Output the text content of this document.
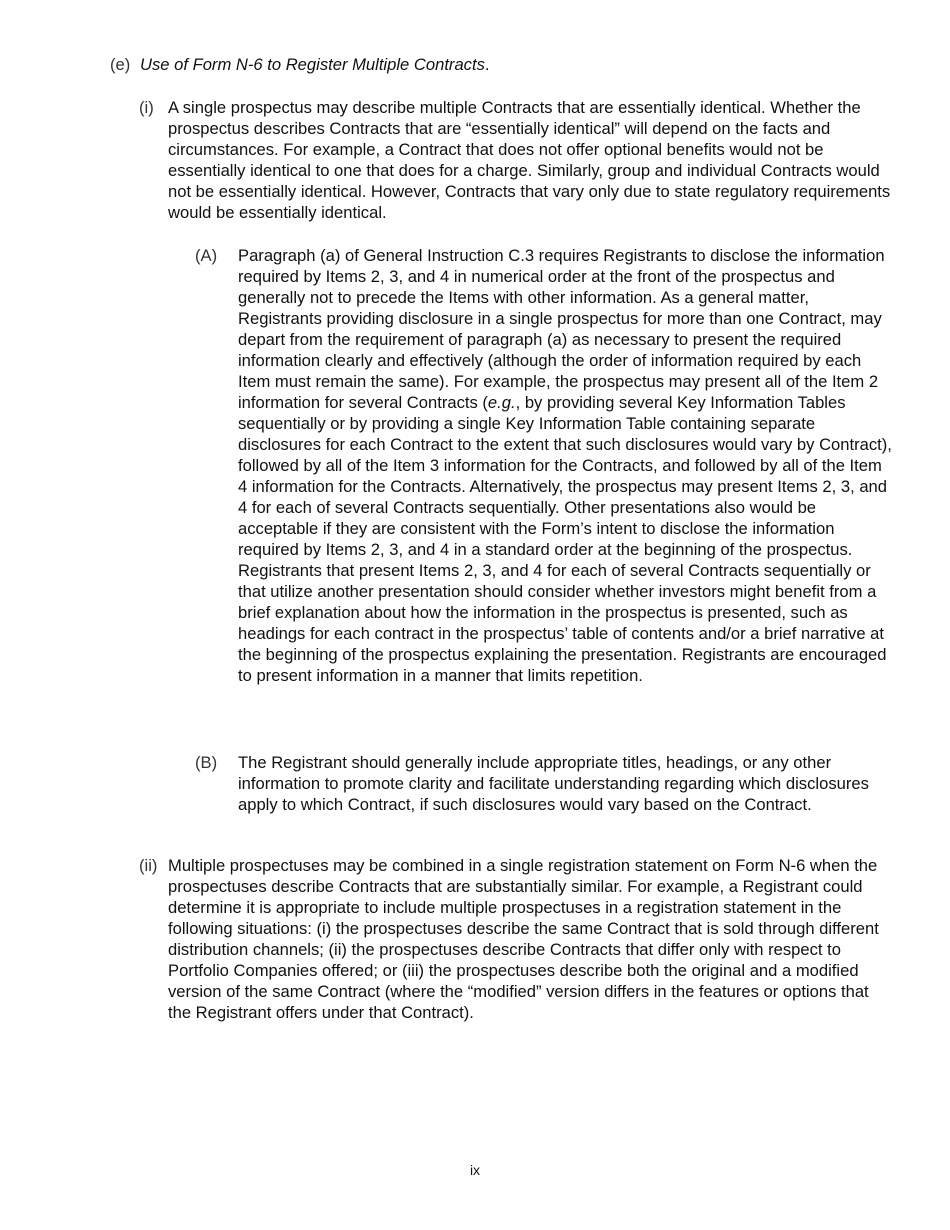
(e) Use of Form N-6 to Register Multiple Contracts.

(i) A single prospectus may describe multiple Contracts that are essentially identical. Whether the prospectus describes Contracts that are “essentially identical” will depend on the facts and circumstances. For example, a Contract that does not offer optional benefits would not be essentially identical to one that does for a charge. Similarly, group and individual Contracts would not be essentially identical. However, Contracts that vary only due to state regulatory requirements would be essentially identical.

(A) Paragraph (a) of General Instruction C.3 requires Registrants to disclose the information required by Items 2, 3, and 4 in numerical order at the front of the prospectus and generally not to precede the Items with other information. As a general matter, Registrants providing disclosure in a single prospectus for more than one Contract, may depart from the requirement of paragraph (a) as necessary to present the required information clearly and effectively (although the order of information required by each Item must remain the same). For example, the prospectus may present all of the Item 2 information for several Contracts (e.g., by providing several Key Information Tables sequentially or by providing a single Key Information Table containing separate disclosures for each Contract to the extent that such disclosures would vary by Contract), followed by all of the Item 3 information for the Contracts, and followed by all of the Item 4 information for the Contracts. Alternatively, the prospectus may present Items 2, 3, and 4 for each of several Contracts sequentially. Other presentations also would be acceptable if they are consistent with the Form’s intent to disclose the information required by Items 2, 3, and 4 in a standard order at the beginning of the prospectus. Registrants that present Items 2, 3, and 4 for each of several Contracts sequentially or that utilize another presentation should consider whether investors might benefit from a brief explanation about how the information in the prospectus is presented, such as headings for each contract in the prospectus’ table of contents and/or a brief narrative at the beginning of the prospectus explaining the presentation. Registrants are encouraged to present information in a manner that limits repetition.

(B) The Registrant should generally include appropriate titles, headings, or any other information to promote clarity and facilitate understanding regarding which disclosures apply to which Contract, if such disclosures would vary based on the Contract.

(ii) Multiple prospectuses may be combined in a single registration statement on Form N-6 when the prospectuses describe Contracts that are substantially similar. For example, a Registrant could determine it is appropriate to include multiple prospectuses in a registration statement in the following situations: (i) the prospectuses describe the same Contract that is sold through different distribution channels; (ii) the prospectuses describe Contracts that differ only with respect to Portfolio Companies offered; or (iii) the prospectuses describe both the original and a modified version of the same Contract (where the “modified” version differs in the features or options that the Registrant offers under that Contract).

ix
